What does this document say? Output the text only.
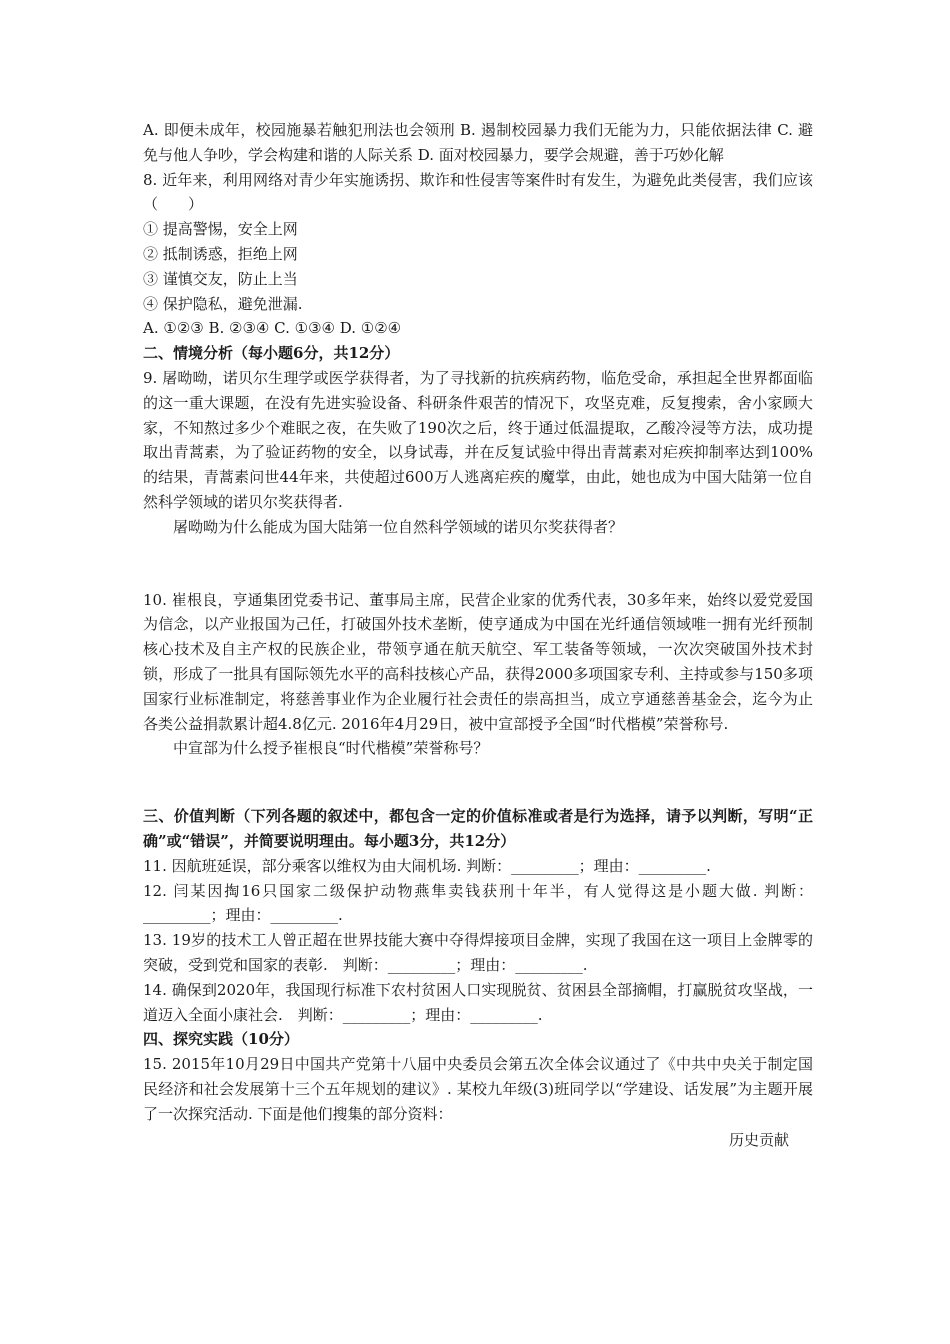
A. 即便未成年，校园施暴若触犯刑法也会领刑 B. 遏制校园暴力我们无能为力，只能依据法律 C. 避免与他人争吵，学会构建和谐的人际关系 D. 面对校园暴力，要学会规避，善于巧妙化解

8. 近年来，利用网络对青少年实施诱拐、欺诈和性侵害等案件时有发生，为避免此类侵害，我们应该（　　）

① 提高警惕，安全上网

② 抵制诱惑，拒绝上网

③ 谨慎交友，防止上当

④ 保护隐私，避免泄漏.

A. ①②③ B. ②③④ C. ①③④ D. ①②④

二、情境分析（每小题6分，共12分）

9. 屠呦呦，诺贝尔生理学或医学获得者，为了寻找新的抗疾病药物，临危受命，承担起全世界都面临的这一重大课题，在没有先进实验设备、科研条件艰苦的情况下，攻坚克难，反复搜索，舍小家顾大家，不知熬过多少个难眠之夜，在失败了190次之后，终于通过低温提取，乙酸冷浸等方法，成功提取出青蒿素，为了验证药物的安全，以身试毒，并在反复试验中得出青蒿素对疟疾抑制率达到100%的结果，青蒿素问世44年来，共使超过600万人逃离疟疾的魔掌，由此，她也成为中国大陆第一位自然科学领域的诺贝尔奖获得者.

屠呦呦为什么能成为国大陆第一位自然科学领域的诺贝尔奖获得者？

10. 崔根良，亨通集团党委书记、董事局主席，民营企业家的优秀代表，30多年来，始终以爱党爱国为信念，以产业报国为己任，打破国外技术垄断，使亨通成为中国在光纤通信领域唯一拥有光纤预制核心技术及自主产权的民族企业，带领亨通在航天航空、军工装备等领域，一次次突破国外技术封锁，形成了一批具有国际领先水平的高科技核心产品，获得2000多项国家专利、主持或参与150多项国家行业标准制定，将慈善事业作为企业履行社会责任的崇高担当，成立亨通慈善基金会，迄今为止各类公益捐款累计超4.8亿元. 2016年4月29日，被中宣部授予全国“时代楷模”荣誉称号.

中宣部为什么授予崔根良“时代楷模”荣誉称号？

三、价值判断（下列各题的叙述中，都包含一定的价值标准或者是行为选择，请予以判断，写明“正确”或“错误”，并简要说明理由。每小题3分，共12分）

11. 因航班延误，部分乘客以维权为由大闹机场. 判断：_________；理由：_________.

12. 闫某因掏16只国家二级保护动物燕隼卖钱获刑十年半，有人觉得这是小题大做. 判断：_________；理由：_________.

13. 19岁的技术工人曾正超在世界技能大赛中夺得焊接项目金牌，实现了我国在这一项目上金牌零的突破，受到党和国家的表彰.　判断：_________；理由：_________.

14. 确保到2020年，我国现行标准下农村贫困人口实现脱贫、贫困县全部摘帽，打赢脱贫攻坚战，一道迈入全面小康社会.　判断：_________；理由：_________.

四、探究实践（10分）

15. 2015年10月29日中国共产党第十八届中央委员会第五次全体会议通过了《中共中央关于制定国民经济和社会发展第十三个五年规划的建议》. 某校九年级(3)班同学以“学建设、话发展”为主题开展了一次探究活动. 下面是他们搜集的部分资料：

历史贡献
